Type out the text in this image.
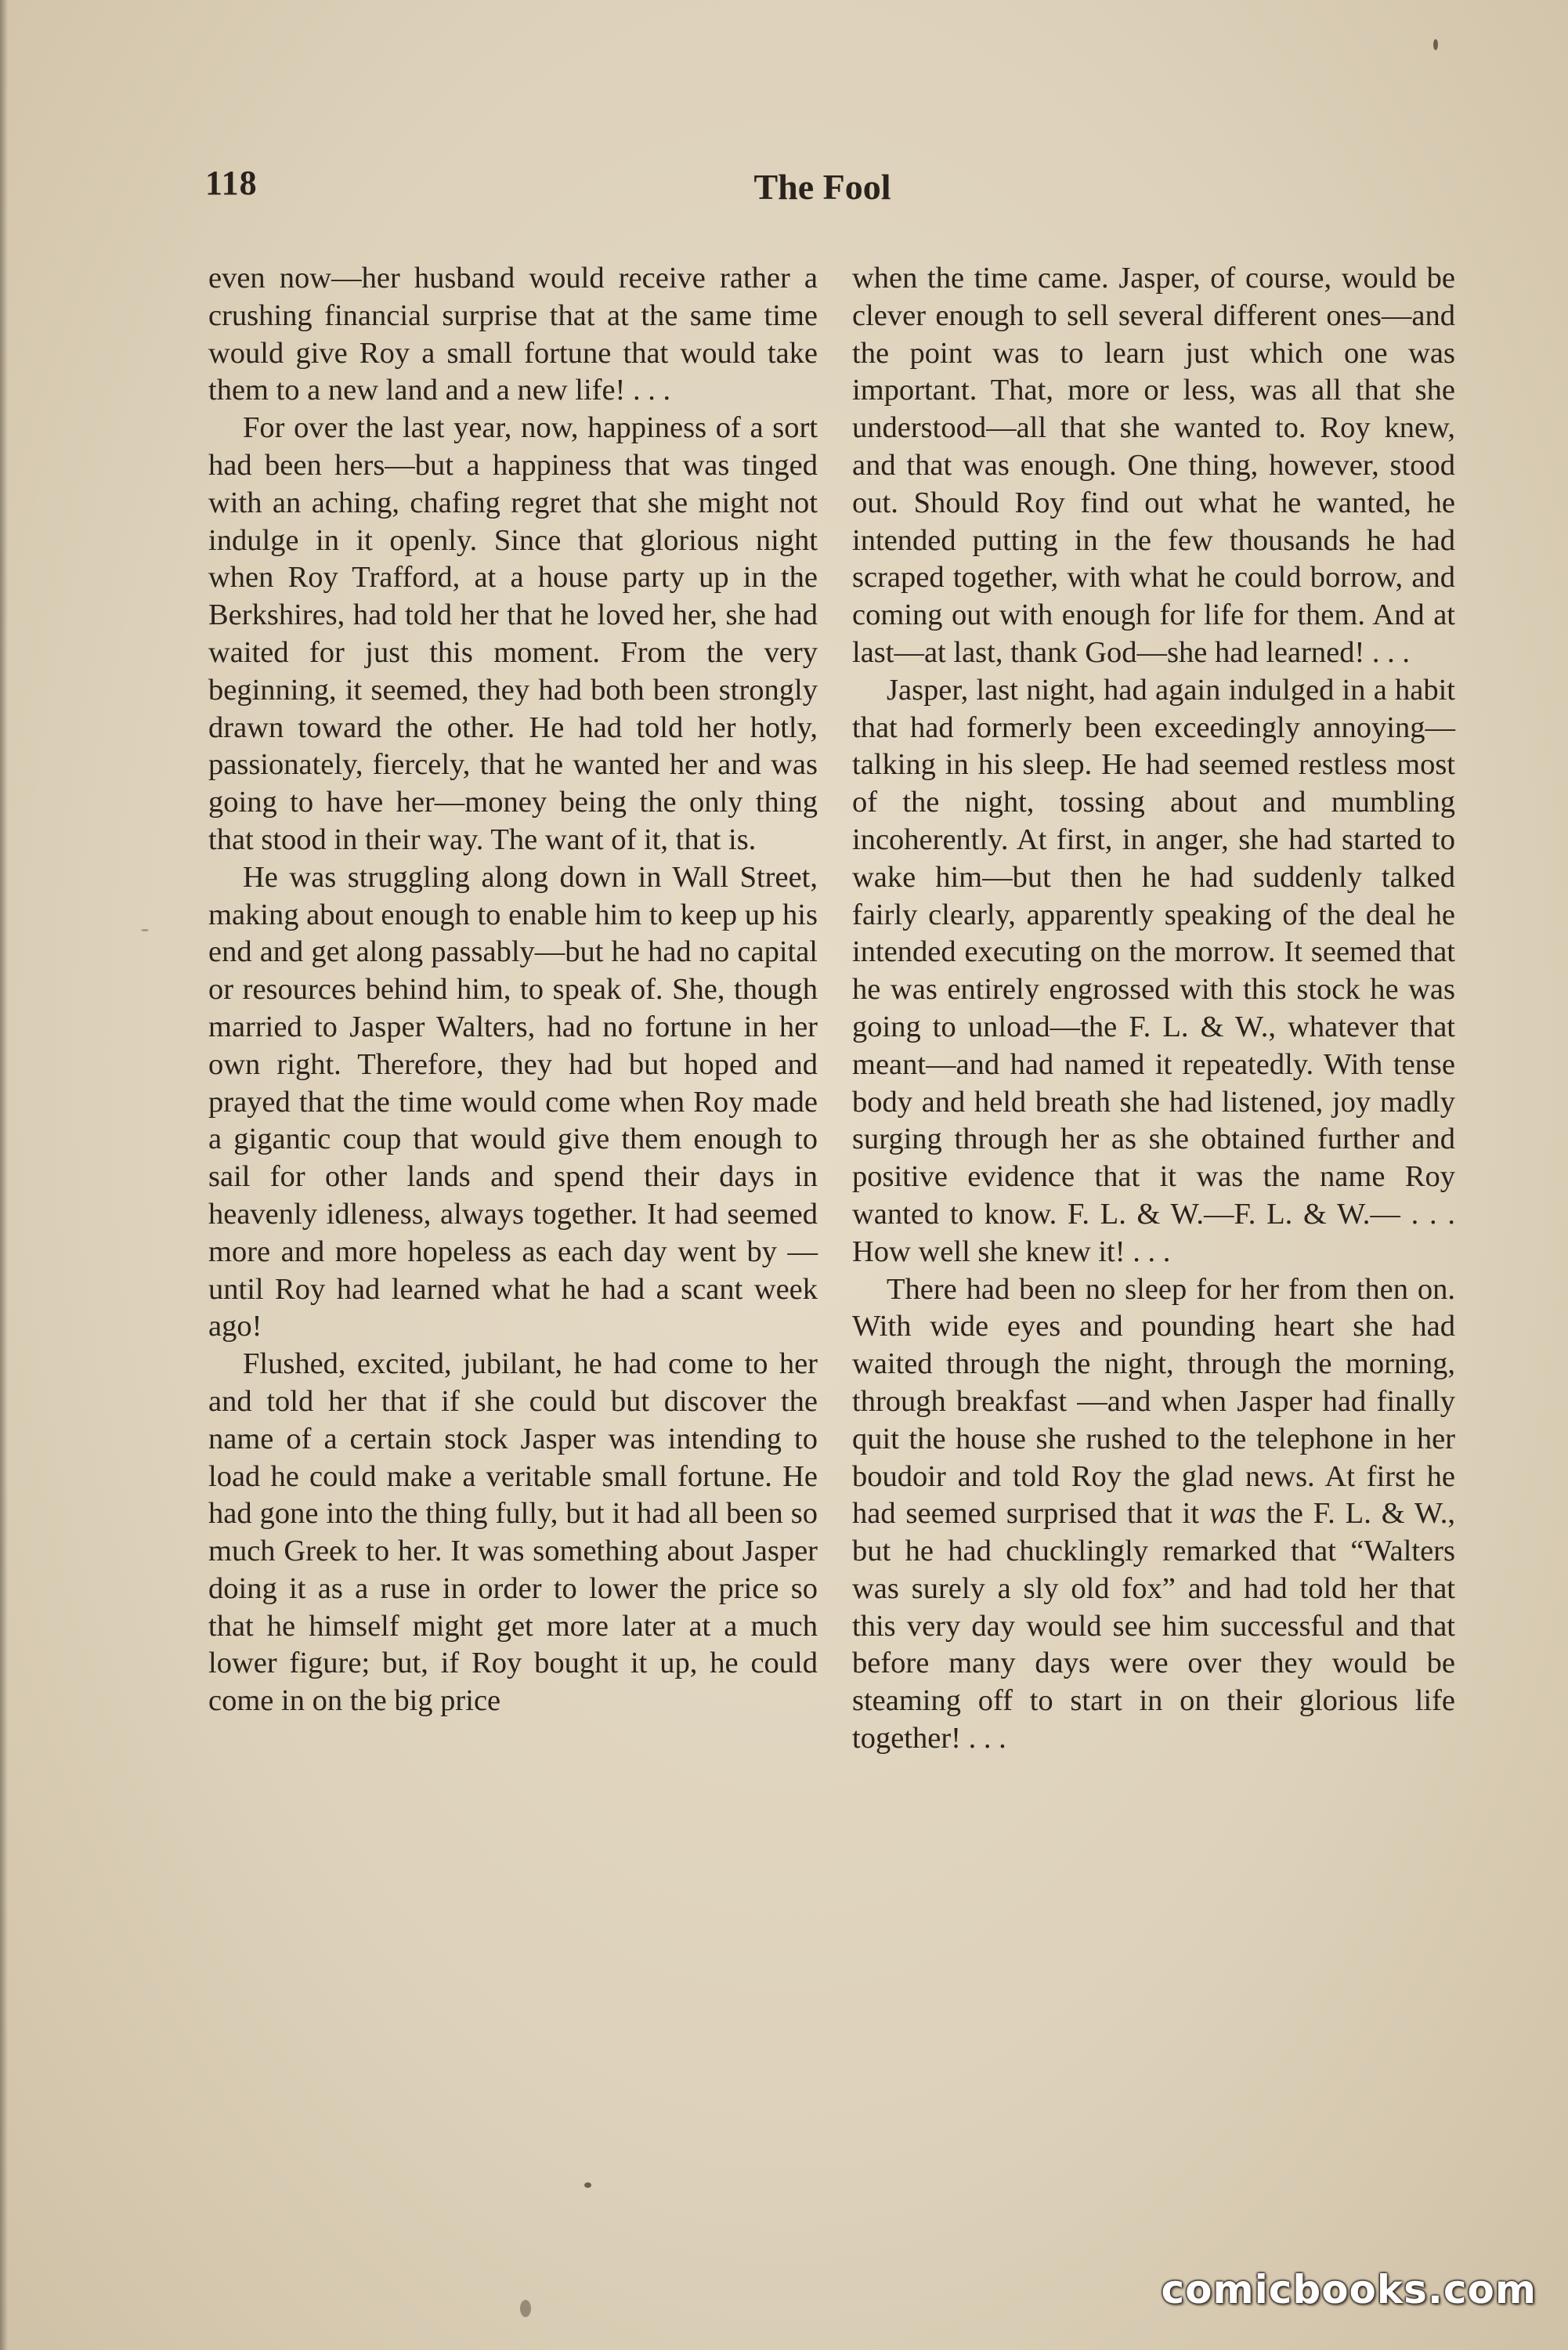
118	The Fool

even now—her husband would receive rather a crushing financial surprise that at the same time would give Roy a small fortune that would take them to a new land and a new life! . . .

For over the last year, now, happiness of a sort had been hers—but a happiness that was tinged with an aching, chafing regret that she might not indulge in it openly. Since that glorious night when Roy Trafford, at a house party up in the Berkshires, had told her that he loved her, she had waited for just this moment. From the very beginning, it seemed, they had both been strongly drawn toward the other. He had told her hotly, passionately, fiercely, that he wanted her and was going to have her—money being the only thing that stood in their way. The want of it, that is.

He was struggling along down in Wall Street, making about enough to enable him to keep up his end and get along passably—but he had no capital or resources behind him, to speak of. She, though married to Jasper Walters, had no fortune in her own right. Therefore, they had but hoped and prayed that the time would come when Roy made a gigantic coup that would give them enough to sail for other lands and spend their days in heavenly idleness, always together. It had seemed more and more hopeless as each day went by —until Roy had learned what he had a scant week ago!

Flushed, excited, jubilant, he had come to her and told her that if she could but discover the name of a certain stock Jasper was intending to load he could make a veritable small fortune. He had gone into the thing fully, but it had all been so much Greek to her. It was something about Jasper doing it as a ruse in order to lower the price so that he himself might get more later at a much lower figure; but, if Roy bought it up, he could come in on the big price

when the time came. Jasper, of course, would be clever enough to sell several different ones—and the point was to learn just which one was important. That, more or less, was all that she understood—all that she wanted to. Roy knew, and that was enough. One thing, however, stood out. Should Roy find out what he wanted, he intended putting in the few thousands he had scraped together, with what he could borrow, and coming out with enough for life for them. And at last—at last, thank God—she had learned! . . .

Jasper, last night, had again indulged in a habit that had formerly been exceedingly annoying—talking in his sleep. He had seemed restless most of the night, tossing about and mumbling incoherently. At first, in anger, she had started to wake him—but then he had suddenly talked fairly clearly, apparently speaking of the deal he intended executing on the morrow. It seemed that he was entirely engrossed with this stock he was going to unload—the F. L. & W., whatever that meant—and had named it repeatedly. With tense body and held breath she had listened, joy madly surging through her as she obtained further and positive evidence that it was the name Roy wanted to know. F. L. & W.—F. L. & W.— . . . How well she knew it! . . .

There had been no sleep for her from then on. With wide eyes and pounding heart she had waited through the night, through the morning, through breakfast —and when Jasper had finally quit the house she rushed to the telephone in her boudoir and told Roy the glad news. At first he had seemed surprised that it was the F. L. & W., but he had chucklingly remarked that “Walters was surely a sly old fox” and had told her that this very day would see him successful and that before many days were over they would be steaming off to start in on their glorious life together! . . .

comicbooks.com
